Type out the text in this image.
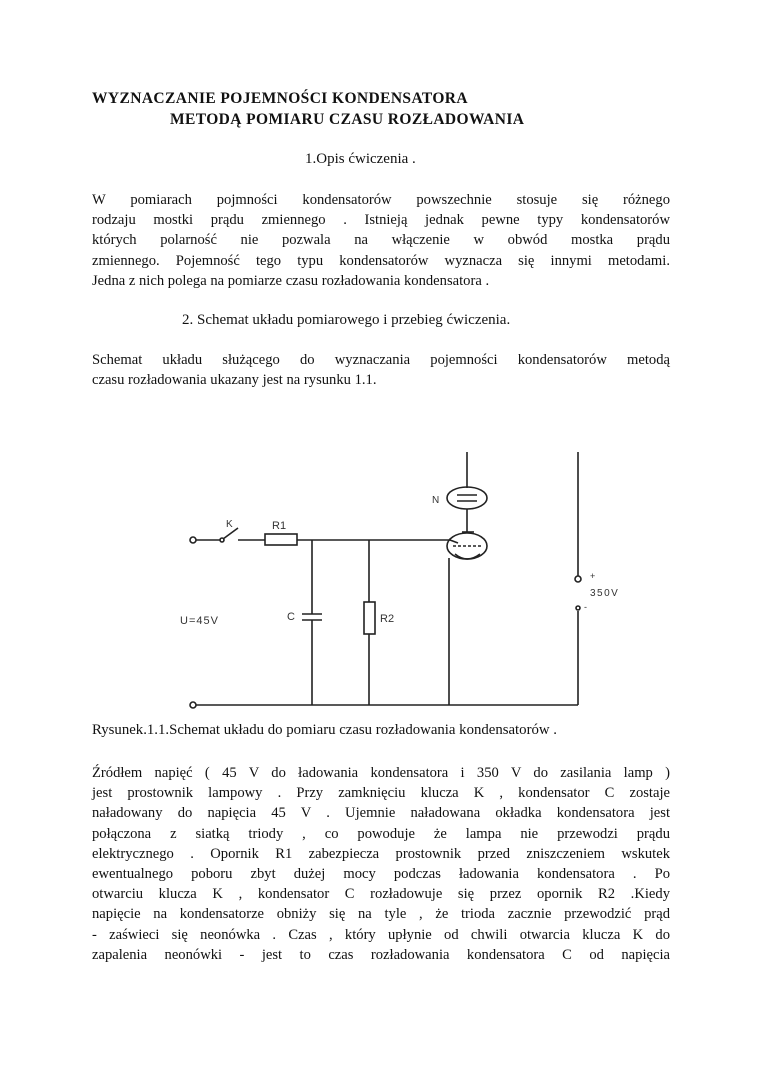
WYZNACZANIE POJEMNOŚCI KONDENSATORA
METODĄ POMIARU CZASU ROZŁADOWANIA
1.Opis ćwiczenia .
W pomiarach pojmności kondensatorów powszechnie stosuje się różnego
rodzaju mostki prądu zmiennego . Istnieją jednak pewne typy kondensatorów
których polarność nie pozwala na włączenie w obwód mostka prądu
zmiennego. Pojemność tego typu kondensatorów wyznacza się innymi metodami.
Jedna z nich polega na pomiarze czasu rozładowania kondensatora .
2. Schemat układu pomiarowego i przebieg ćwiczenia.
Schemat układu służącego do wyznaczania pojemności kondensatorów metodą
czasu rozładowania ukazany jest na rysunku 1.1.
K	R1
C	R2
N
U=45V
350V
+
-
Rysunek.1.1.Schemat układu do pomiaru czasu rozładowania kondensatorów .
Źródłem napięć ( 45 V do ładowania kondensatora i 350 V do zasilania lamp )
jest prostownik lampowy . Przy zamknięciu klucza K , kondensator C zostaje
naładowany do napięcia 45 V . Ujemnie naładowana okładka kondensatora jest
połączona z siatką triody , co powoduje że lampa nie przewodzi prądu
elektrycznego . Opornik R1 zabezpiecza prostownik przed zniszczeniem wskutek
ewentualnego poboru zbyt dużej mocy podczas ładowania kondensatora . Po
otwarciu klucza K , kondensator C rozładowuje się przez opornik R2 .Kiedy
napięcie na kondensatorze obniży się na tyle , że trioda zacznie przewodzić prąd
- zaświeci się neonówka . Czas , który upłynie od chwili otwarcia klucza K do
zapalenia neonówki - jest to czas rozładowania kondensatora C od napięcia
